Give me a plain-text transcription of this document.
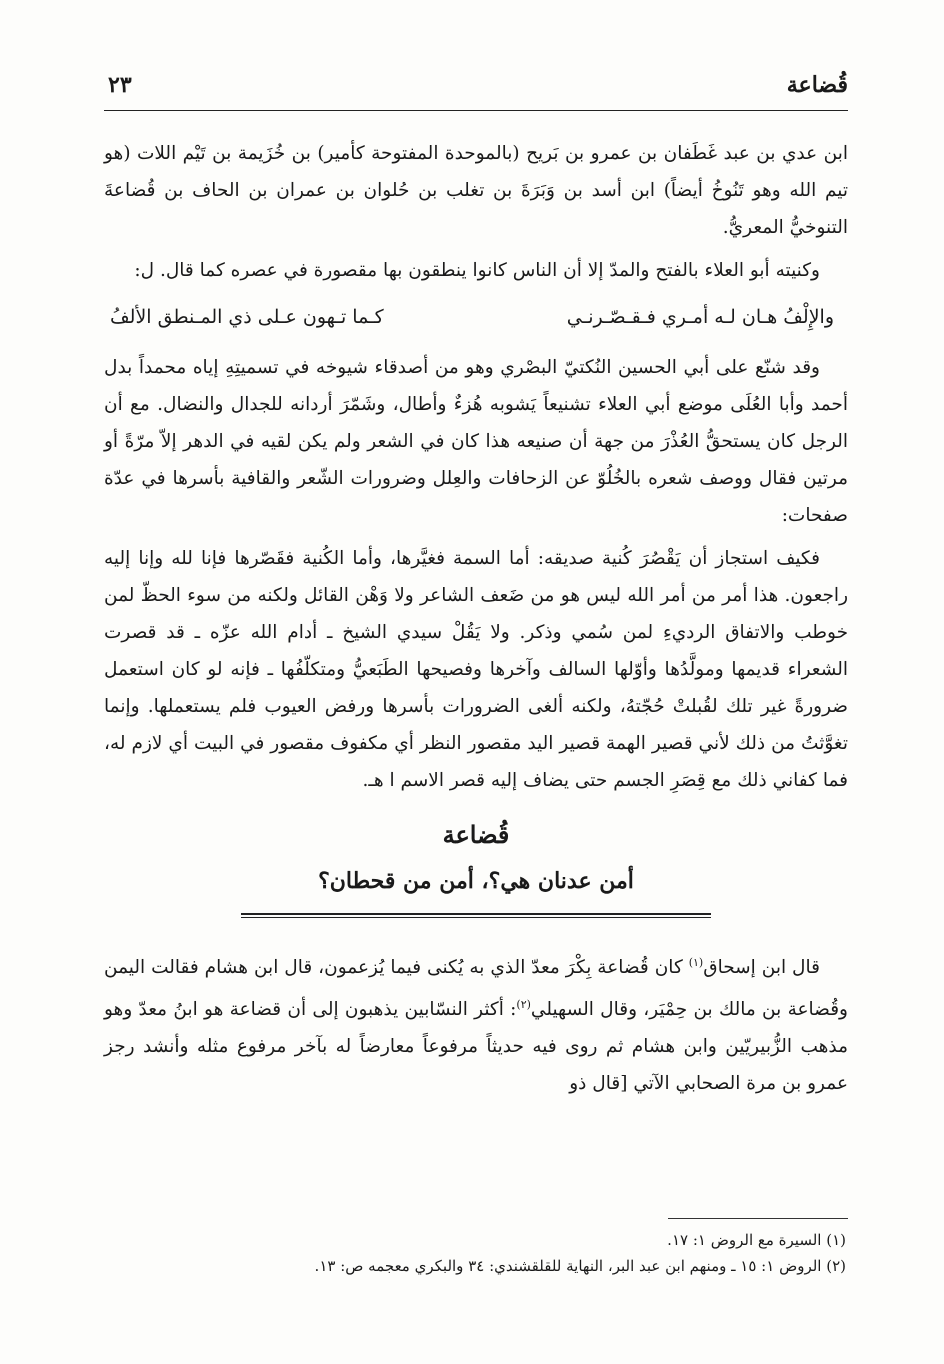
قُضاعة
٢٣

ابن عدي بن عبد غَطَفان بن عمرو بن بَريح (بالموحدة المفتوحة كأمير) بن خُزَيمة بن تَيْم اللات (هو تيم الله وهو تَنُوخُ أيضاً) ابن أسد بن وَبَرَةَ بن تغلب بن حُلوان بن عمران بن الحاف بن قُضاعةَ التنوخيُّ المعريُّ.

وكنيته أبو العلاء بالفتح والمدّ إلا أن الناس كانوا ينطقون بها مقصورة في عصره كما قال. ل:

والإِلْفُ هـان لـه أمـري فـقـصّـرنـي
كـما تـهون عـلى ذي المـنطق الألفُ

وقد شنّع على أبي الحسين النُكتيّ البصْري وهو من أصدقاء شيوخه في تسميتِهِ إياه محمداً بدل أحمد وأبا العُلَى موضع أبي العلاء تشنيعاً يَشوبه هُزءٌ وأطال، وشَمّرَ أردانه للجدال والنضال. مع أن الرجل كان يستحقُّ العُذْرَ من جهة أن صنيعه هذا كان في الشعر ولم يكن لقيه في الدهر إلاّ مرّةً أو مرتين فقال ووصف شعره بالخُلُوّ عن الزحافات والعِلل وضرورات الشّعر والقافية بأسرها في عدّة صفحات:

فكيف استجاز أن يَقْصُرَ كُنية صديقه: أما السمة فغيَّرها، وأما الكُنية فقَصّرها فإنا لله وإنا إليه راجعون. هذا أمر من أمر الله ليس هو من ضَعف الشاعر ولا وَهْن القائل ولكنه من سوء الحظّ لمن خوطب والاتفاق الرديءِ لمن سُمي وذكر. ولا يَقُلْ سيدي الشيخ ـ أدام الله عزّه ـ قد قصرت الشعراء قديمها ومولَّدُها وأوّلها السالف وآخرها وفصيحها الطَبَعيُّ ومتكلّفُها ـ فإنه لو كان استعمل ضرورةً غير تلك لقُبلتْ حُجّتهُ، ولكنه ألغى الضرورات بأسرها ورفض العيوب فلم يستعملها. وإنما تغوَّثتُ من ذلك لأني قصير الهمة قصير اليد مقصور النظر أي مكفوف مقصور في البيت أي لازم له، فما كفاني ذلك مع قِصَرِ الجسم حتى يضاف إليه قصر الاسم ا هـ.

قُضاعة
أمن عدنان هي؟، أمن من قحطان؟

قال ابن إسحاق$^{(١)}$ كان قُضاعة بِكْرَ معدّ الذي به يُكنى فيما يُزعمون، قال ابن هشام فقالت اليمن وقُضاعة بن مالك بن حِمْيَر، وقال السهيلي$^{(٢)}$: أكثر النسّابين يذهبون إلى أن قضاعة هو ابنُ معدّ وهو مذهب الزُّبيريّين وابن هشام ثم روى فيه حديثاً مرفوعاً معارضاً له بآخر مرفوع مثله وأنشد رجز عمرو بن مرة الصحابي الآتي [قال ذو

(١) السيرة مع الروض ١: ١٧.

(٢) الروض ١: ١٥ ـ ومنهم ابن عبد البر، النهاية للقلقشندي: ٣٤ والبكري معجمه ص: ١٣.
